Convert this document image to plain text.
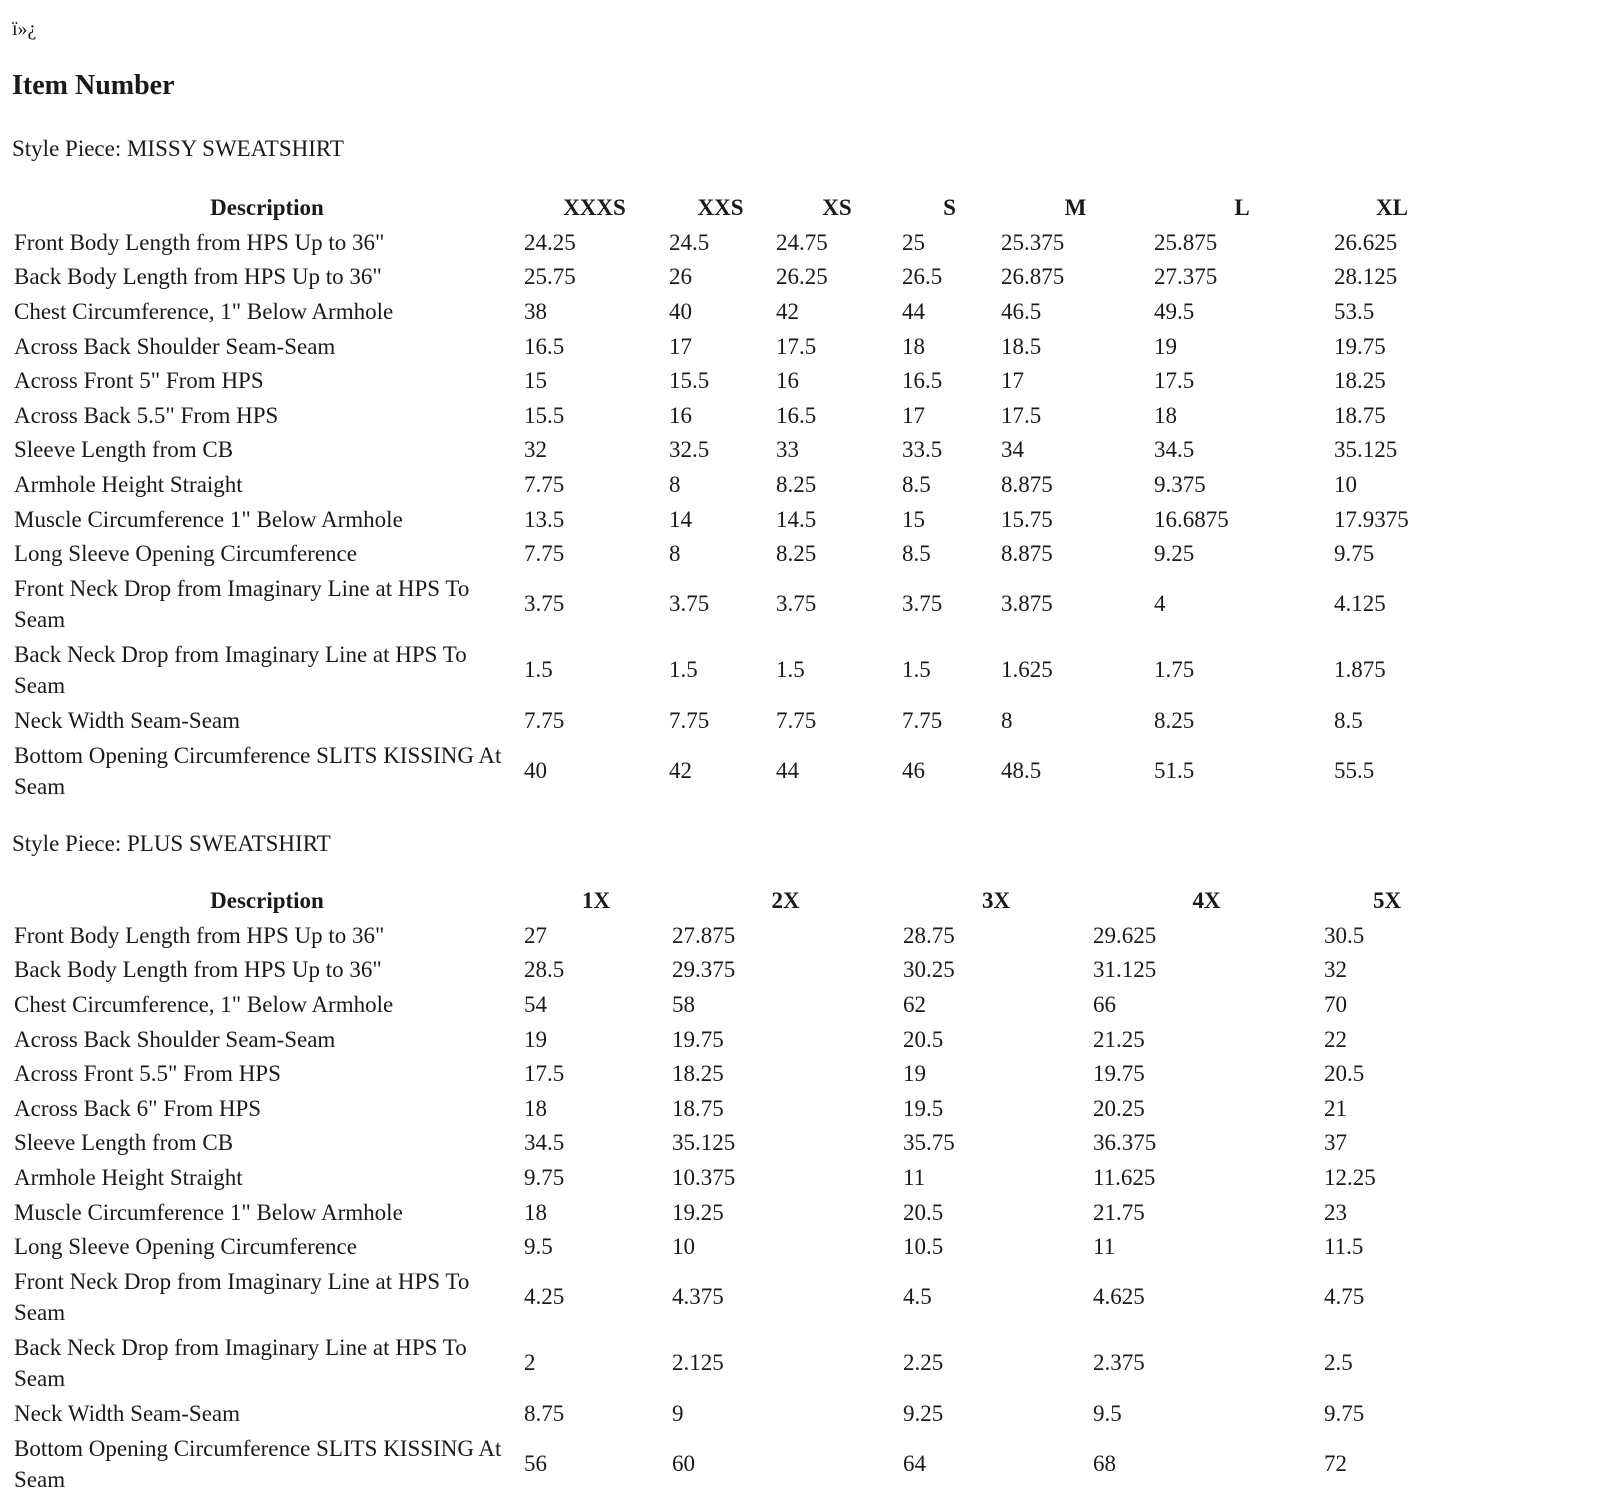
ï»¿
Item Number
Style Piece: MISSY SWEATSHIRT
Description	XXXS	XXS	XS	S	M	L	XL
Front Body Length from HPS Up to 36"	24.25	24.5	24.75	25	25.375	25.875	26.625
Back Body Length from HPS Up to 36"	25.75	26	26.25	26.5	26.875	27.375	28.125
Chest Circumference, 1" Below Armhole	38	40	42	44	46.5	49.5	53.5
Across Back Shoulder Seam-Seam	16.5	17	17.5	18	18.5	19	19.75
Across Front 5" From HPS	15	15.5	16	16.5	17	17.5	18.25
Across Back 5.5" From HPS	15.5	16	16.5	17	17.5	18	18.75
Sleeve Length from CB	32	32.5	33	33.5	34	34.5	35.125
Armhole Height Straight	7.75	8	8.25	8.5	8.875	9.375	10
Muscle Circumference 1" Below Armhole	13.5	14	14.5	15	15.75	16.6875	17.9375
Long Sleeve Opening Circumference	7.75	8	8.25	8.5	8.875	9.25	9.75
Front Neck Drop from Imaginary Line at HPS To Seam	3.75	3.75	3.75	3.75	3.875	4	4.125
Back Neck Drop from Imaginary Line at HPS To Seam	1.5	1.5	1.5	1.5	1.625	1.75	1.875
Neck Width Seam-Seam	7.75	7.75	7.75	7.75	8	8.25	8.5
Bottom Opening Circumference SLITS KISSING At Seam	40	42	44	46	48.5	51.5	55.5
Style Piece: PLUS SWEATSHIRT
Description	1X	2X	3X	4X	5X
Front Body Length from HPS Up to 36"	27	27.875	28.75	29.625	30.5
Back Body Length from HPS Up to 36"	28.5	29.375	30.25	31.125	32
Chest Circumference, 1" Below Armhole	54	58	62	66	70
Across Back Shoulder Seam-Seam	19	19.75	20.5	21.25	22
Across Front 5.5" From HPS	17.5	18.25	19	19.75	20.5
Across Back 6" From HPS	18	18.75	19.5	20.25	21
Sleeve Length from CB	34.5	35.125	35.75	36.375	37
Armhole Height Straight	9.75	10.375	11	11.625	12.25
Muscle Circumference 1" Below Armhole	18	19.25	20.5	21.75	23
Long Sleeve Opening Circumference	9.5	10	10.5	11	11.5
Front Neck Drop from Imaginary Line at HPS To Seam	4.25	4.375	4.5	4.625	4.75
Back Neck Drop from Imaginary Line at HPS To Seam	2	2.125	2.25	2.375	2.5
Neck Width Seam-Seam	8.75	9	9.25	9.5	9.75
Bottom Opening Circumference SLITS KISSING At Seam	56	60	64	68	72
